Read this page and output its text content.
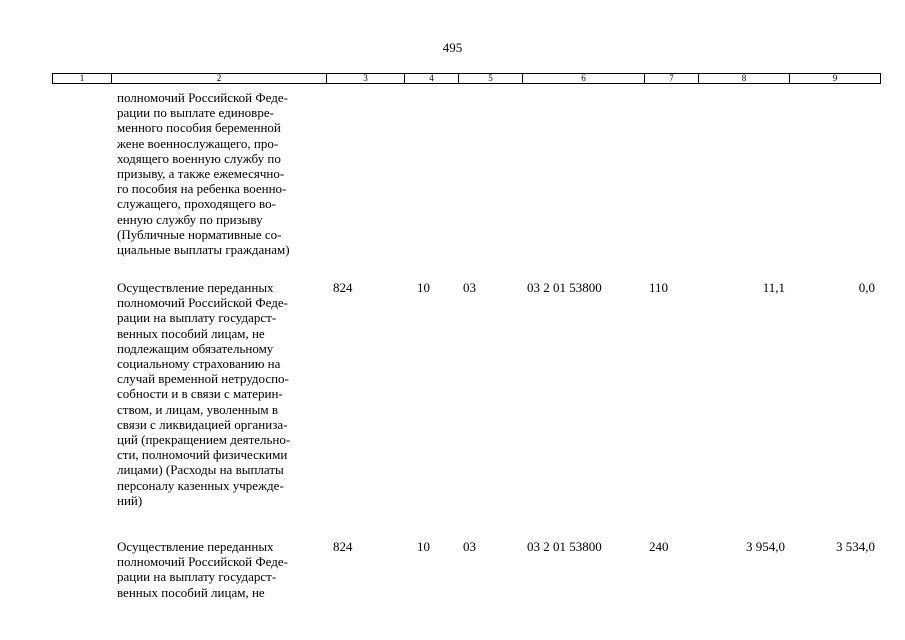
495
1	2	3	4	5	6	7	8	9
полномочий Российской Феде-
рации по выплате единовре-
менного пособия беременной
жене военнослужащего, про-
ходящего военную службу по
призыву, а также ежемесячно-
го пособия на ребенка военно-
служащего, проходящего во-
енную службу по призыву
(Публичные нормативные со-
циальные выплаты гражданам)
Осуществление переданных
полномочий Российской Феде-
рации на выплату государст-
венных пособий лицам, не
подлежащим обязательному
социальному страхованию на
случай временной нетрудоспо-
собности и в связи с материн-
ством, и лицам, уволенным в
связи с ликвидацией организа-
ций (прекращением деятельно-
сти, полномочий физическими
лицами) (Расходы на выплаты
персоналу казенных учрежде-
ний)
824	10	03	03 2 01 53800	110	11,1	0,0
Осуществление переданных
полномочий Российской Феде-
рации на выплату государст-
венных пособий лицам, не
824	10	03	03 2 01 53800	240	3 954,0	3 534,0
